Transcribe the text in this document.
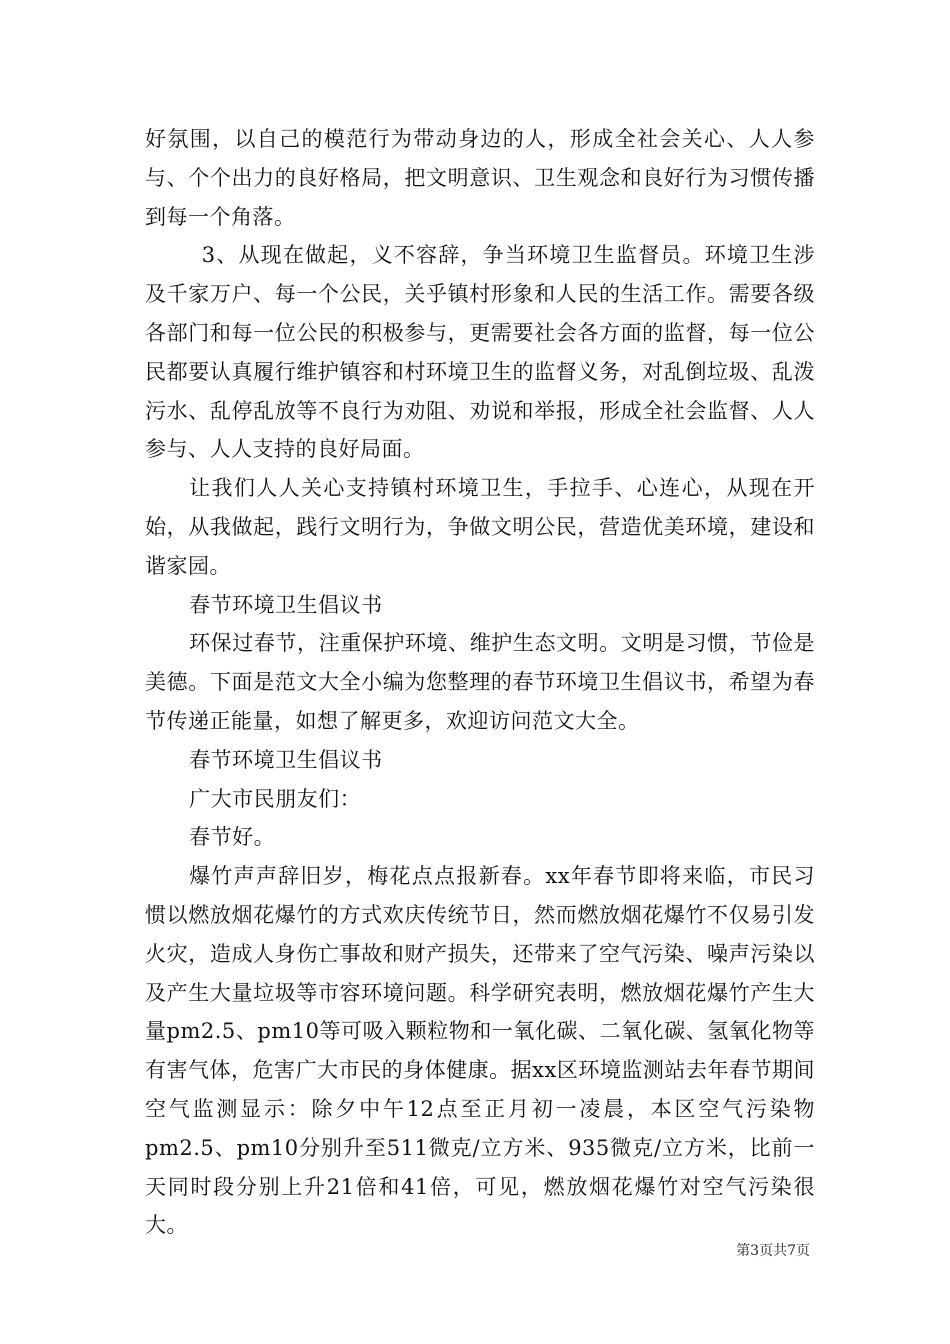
好氛围，以自己的模范行为带动身边的人，形成全社会关心、人人参与、个个出力的良好格局，把文明意识、卫生观念和良好行为习惯传播到每一个角落。

3、从现在做起，义不容辞，争当环境卫生监督员。环境卫生涉及千家万户、每一个公民，关乎镇村形象和人民的生活工作。需要各级各部门和每一位公民的积极参与，更需要社会各方面的监督，每一位公民都要认真履行维护镇容和村环境卫生的监督义务，对乱倒垃圾、乱泼污水、乱停乱放等不良行为劝阻、劝说和举报，形成全社会监督、人人参与、人人支持的良好局面。

让我们人人关心支持镇村环境卫生，手拉手、心连心，从现在开始，从我做起，践行文明行为，争做文明公民，营造优美环境，建设和谐家园。

春节环境卫生倡议书

环保过春节，注重保护环境、维护生态文明。文明是习惯，节俭是美德。下面是范文大全小编为您整理的春节环境卫生倡议书，希望为春节传递正能量，如想了解更多，欢迎访问范文大全。

春节环境卫生倡议书

广大市民朋友们：

春节好。

爆竹声声辞旧岁，梅花点点报新春。xx年春节即将来临，市民习惯以燃放烟花爆竹的方式欢庆传统节日，然而燃放烟花爆竹不仅易引发火灾，造成人身伤亡事故和财产损失，还带来了空气污染、噪声污染以及产生大量垃圾等市容环境问题。科学研究表明，燃放烟花爆竹产生大量pm2.5、pm10等可吸入颗粒物和一氧化碳、二氧化碳、氢氧化物等有害气体，危害广大市民的身体健康。据xx区环境监测站去年春节期间空气监测显示：除夕中午12点至正月初一凌晨，本区空气污染物pm2.5、pm10分别升至511微克/立方米、935微克/立方米，比前一天同时段分别上升21倍和41倍，可见，燃放烟花爆竹对空气污染很大。

第3页共7页
